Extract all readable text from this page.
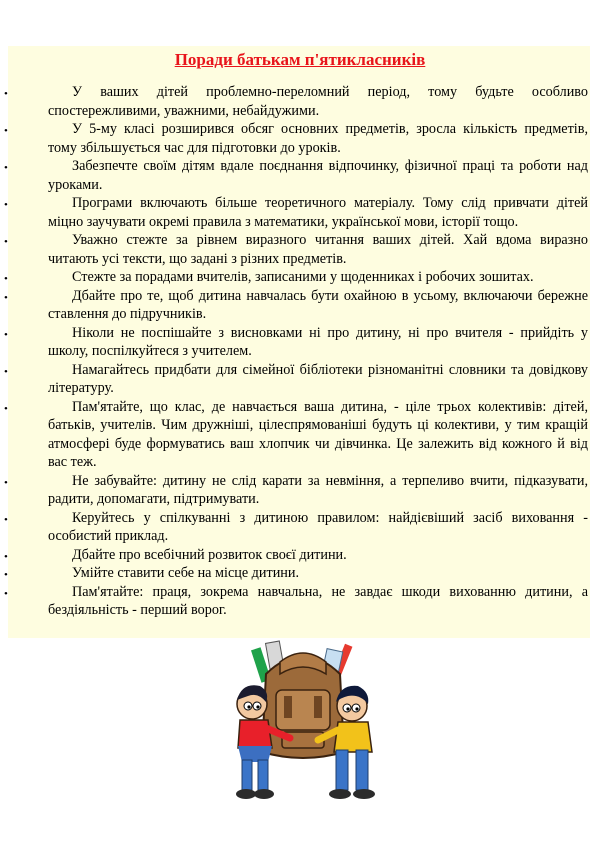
Поради батькам п'ятикласників
•	У ваших дітей проблемно-переломний період, тому будьте особливо спостережливими, уважними, небайдужими.
•	У 5-му класі розширився обсяг основних предметів, зросла кількість предметів, тому збільшується час для підготовки до уроків.
•	Забезпечте своїм дітям вдале поєднання відпочинку, фізичної праці та роботи над уроками.
•	Програми включають більше теоретичного матеріалу. Тому слід привчати дітей міцно заучувати окремі правила з математики, української мови, історії тощо.
•	Уважно стежте за рівнем виразного читання ваших дітей. Хай вдома виразно читають усі тексти, що задані з різних предметів.
•	Стежте за порадами вчителів, записаними у щоденниках і робочих зошитах.
•	Дбайте про те, щоб дитина навчалась бути охайною в усьому, включаючи бережне ставлення до підручників.
•	Ніколи не поспішайте з висновками ні про дитину, ні про вчителя - прийдіть у школу, поспілкуйтеся з учителем.
•	Намагайтесь придбати для сімейної бібліотеки різноманітні словники та довідкову літературу.
•	Пам'ятайте, що клас, де навчається ваша дитина, - ціле трьох колективів: дітей, батьків, учителів. Чим дружніші, цілеспрямованіші будуть ці колективи, у тим кращій атмосфері буде формуватись ваш хлопчик чи дівчинка. Це залежить від кожного й від вас теж.
•	Не забувайте: дитину не слід карати за невміння, а терпеливо вчити, підказувати, радити, допомагати, підтримувати.
•	Керуйтесь у спілкуванні з дитиною правилом: найдієвіший засіб виховання - особистий приклад.
•	Дбайте про всебічний розвиток своєї дитини.
•	Умійте ставити себе на місце дитини.
•	Пам'ятайте: праця, зокрема навчальна, не завдає шкоди вихованню дитини, а бездіяльність - перший ворог.
